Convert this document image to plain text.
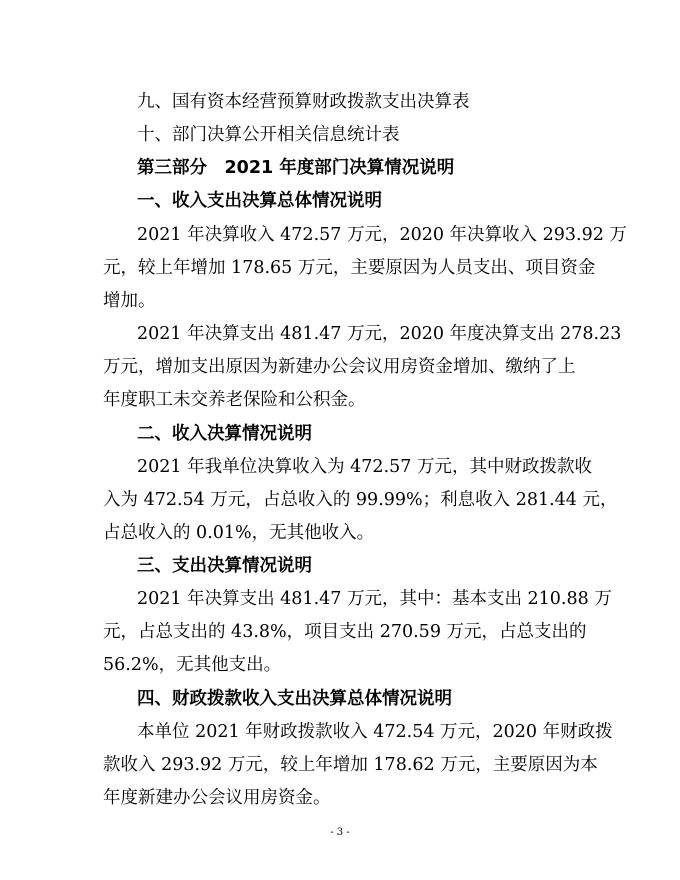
九、国有资本经营预算财政拨款支出决算表
十、部门决算公开相关信息统计表
第三部分　2021 年度部门决算情况说明
一、收入支出决算总体情况说明
2021 年决算收入 472.57 万元，2020 年决算收入 293.92 万
元，较上年增加 178.65 万元，主要原因为人员支出、项目资金
增加。
2021 年决算支出 481.47 万元，2020 年度决算支出 278.23
万元，增加支出原因为新建办公会议用房资金增加、缴纳了上
年度职工未交养老保险和公积金。
二、收入决算情况说明
2021 年我单位决算收入为 472.57 万元，其中财政拨款收
入为 472.54 万元，占总收入的 99.99%；利息收入 281.44 元，
占总收入的 0.01%，无其他收入。
三、支出决算情况说明
2021 年决算支出 481.47 万元，其中：基本支出 210.88 万
元，占总支出的 43.8%，项目支出 270.59 万元，占总支出的
56.2%，无其他支出。
四、财政拨款收入支出决算总体情况说明
本单位 2021 年财政拨款收入 472.54 万元，2020 年财政拨
款收入 293.92 万元，较上年增加 178.62 万元，主要原因为本
年度新建办公会议用房资金。
- 3 -
